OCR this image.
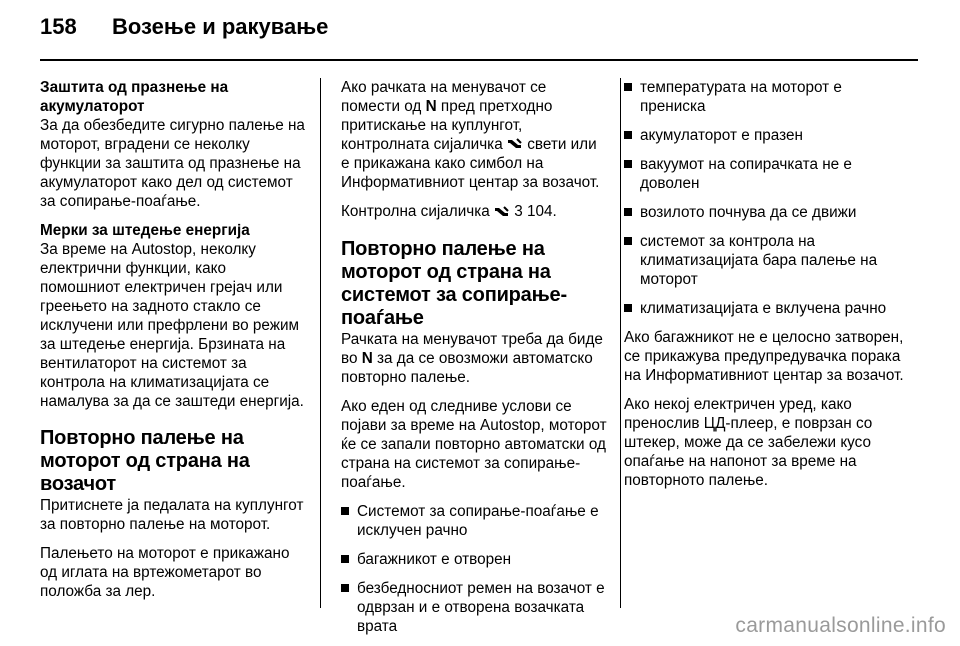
158 Возење и ракување

Заштита од празнење на акумулаторот

За да обезбедите сигурно палење на моторот, вградени се неколку функции за заштита од празнење на акумулаторот како дел од системот за сопирање-поаѓање.

Мерки за штедење енергија

За време на Autostop, неколку електрични функции, како помошниот електричен грејач или греењето на задното стакло се исклучени или префрлени во режим за штедење енергија. Брзината на вентилаторот на системот за контрола на климатизацијата се намалува за да се заштеди енергија.

Повторно палење на моторот од страна на возачот

Притиснете ја педалата на куплунгот за повторно палење на моторот.

Палењето на моторот е прикажано од иглата на вртежометарот во положба за лер.

Ако рачката на менувачот се помести од N пред претходно притискање на куплунгот, контролната сијаличка  свети или е прикажана како симбол на Информативниот центар за возачот.

Контролна сијаличка  3 104.

Повторно палење на моторот од страна на системот за сопирање-поаѓање

Рачката на менувачот треба да биде во N за да се овозможи автоматско повторно палење.

Ако еден од следниве услови се појави за време на Autostop, моторот ќе се запали повторно автоматски од страна на системот за сопирање-поаѓање.

Системот за сопирање-поаѓање е исклучен рачно
багажникот е отворен
безбедносниот ремен на возачот е одврзан и е отворена возачката врата
температурата на моторот е прениска
акумулаторот е празен
вакуумот на сопирачката не е доволен
возилото почнува да се движи
системот за контрола на климатизацијата бара палење на моторот
климатизацијата е вклучена рачно

Ако багажникот не е целосно затворен, се прикажува предупредувачка порака на Информативниот центар за возачот.

Ако некој електричен уред, како пренослив ЦД-плеер, е поврзан со штекер, може да се забележи кусо опаѓање на напонот за време на повторното палење.

carmanualsonline.info
